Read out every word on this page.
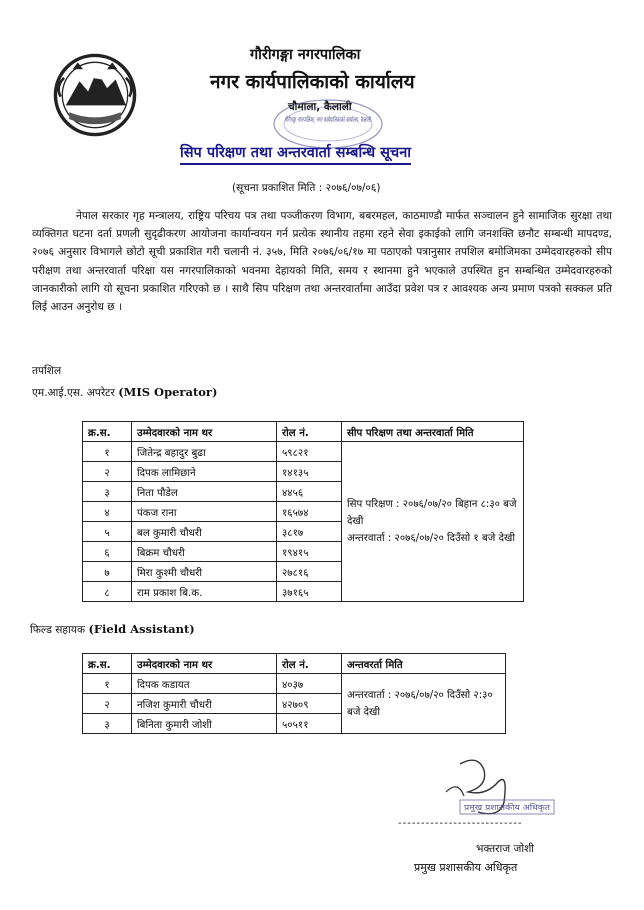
गौरीगङ्गा नगरपालिका
नगर कार्यपालिकाको कार्यालय
चौमाला, कैलाली
गौरीगङ्गा नगरपालिका, नगर कार्यपालिकाको कार्यालय, कैलाली
सिप परिक्षण तथा अन्तरवार्ता सम्बन्धि सूचना
(सूचना प्रकाशित मिति : २०७६/०७/०६)

नेपाल सरकार गृह मन्त्रालय, राष्ट्रिय परिचय पत्र तथा पञ्जीकरण विभाग, बबरमहल, काठमाण्डौ मार्फत सञ्चालन हुने सामाजिक सुरक्षा तथा व्यक्तिगत घटना दर्ता प्रणली सुदृढीकरण आयोजना कार्यान्वयन गर्न प्रत्येक स्थानीय तहमा रहने सेवा इकाईको लागि जनशक्ति छनौट सम्बन्धी मापदण्ड, २०७६ अनुसार विभागले छोटो सूची प्रकाशित गरी चलानी नं. ३५७, मिति २०७६/०६/१७ मा पठाएको पत्रानुसार तपशिल बमोजिमका उम्मेदवारहरुको सीप परीक्षण तथा अन्तरवार्ता परिक्षा यस नगरपालिकाको भवनमा देहायको मिति, समय र स्थानमा हुने भएकाले उपस्थित हुन सम्बन्धित उम्मेदवारहरुको जानकारीको लागि यो सूचना प्रकाशित गरिएको छ । साथै सिप परिक्षण तथा अन्तरवार्तामा आउँदा प्रवेश पत्र र आवश्यक अन्य प्रमाण पत्रको सक्कल प्रति लिई आउन अनुरोध छ ।

तपशिल
एम.आई.एस. अपरेटर (MIS Operator)
क्र.स.	उम्मेदवारको नाम थर	रोल नं.	सीप परिक्षण तथा अन्तरवार्ता मिति
१	जितेन्द्र बहादुर बुढा	५९८२१	सिप परिक्षण : २०७६/०७/२० बिहान ८:३० बजे देखी
अन्तरवार्ता : २०७६/०७/२० दिउँसो १ बजे देखी

२	दिपक लामिछाने	१४१३५	
३	निता पौडेल	४४५६	
४	पंकज राना	१६५७४	
५	बल कुमारी चौधरी	३८१७	
६	बिक्रम चौधरी	१९४१५	
७	मिरा कुश्मी चौधरी	२७८१६	
८	राम प्रकाश बि.क.	३७१६५	
फिल्ड सहायक (Field Assistant)
क्र.स.	उम्मेदवारको नाम थर	रोल नं.	अन्तवरर्ता मिति
१	दिपक कडायत	४०३७	अन्तरवार्ता : २०७६/०७/२० दिउँसो २:३० बजे देखी

२	नजिश कुमारी चौधरी	४२७०९	
३	बिनिता कुमारी जोशी	५०५११	
प्रमुख प्रशासकीय अधिकृत
---------------------------
भक्तराज जोशी
प्रमुख प्रशासकीय अधिकृत
